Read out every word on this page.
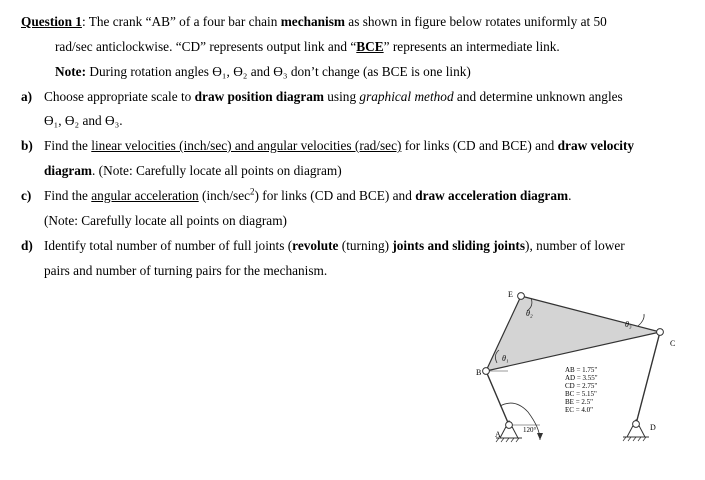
Question 1: The crank “AB” of a four bar chain mechanism as shown in figure below rotates uniformly at 50
rad/sec anticlockwise. “CD” represents output link and “BCE” represents an intermediate link.
Note: During rotation angles ϴ₁, ϴ₂ and ϴ₃ don’t change (as BCE is one link)
a) Choose appropriate scale to draw position diagram using graphical method and determine unknown angles
ϴ₁, ϴ₂ and ϴ₃.
b) Find the linear velocities (inch/sec) and angular velocities (rad/sec) for links (CD and BCE) and draw velocity
diagram. (Note: Carefully locate all points on diagram)
c) Find the angular acceleration $(inch/\sec^2)$ for links (CD and BCE) and draw acceleration diagram.
(Note: Carefully locate all points on diagram)
d) Identify total number of number of full joints (revolute (turning) joints and sliding joints), number of lower
pairs and number of turning pairs for the mechanism.
A
B
C
D
E
θ₁
θ₂
θ₃
120°
AB = 1.75"
AD = 3.55"
CD = 2.75"
BC = 5.15"
BE = 2.5"
EC = 4.0"
